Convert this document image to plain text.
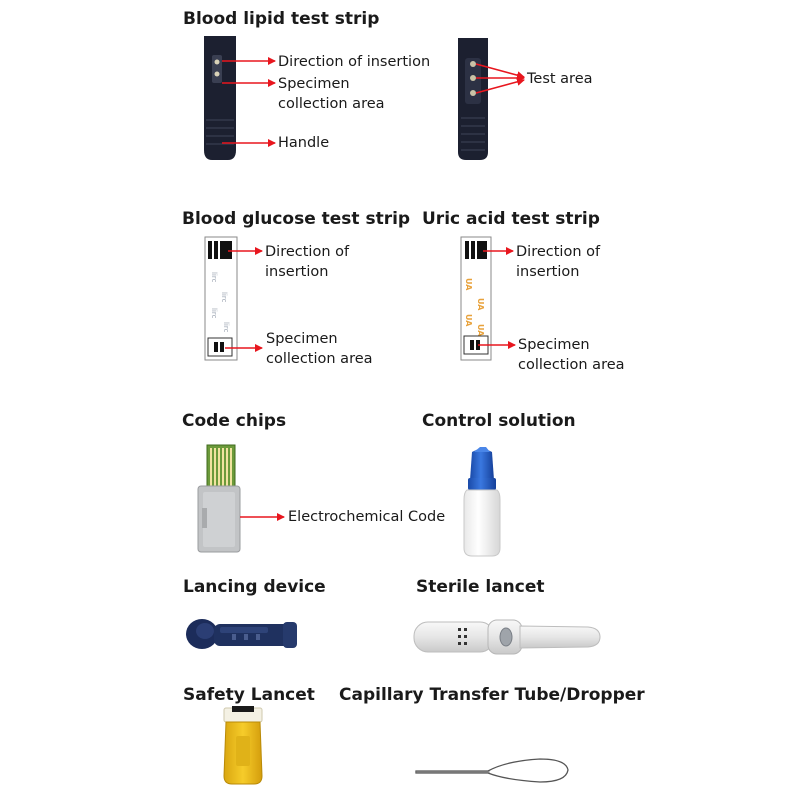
Blood lipid test strip
Blood glucose test strip Uric acid test strip
Code chips	Control solution
Lancing device	Sterile lancet
Safety Lancet Capillary Transfer Tube/Dropper
Direction of insertion
Specimen
collection area
Handle
Test area
Direction of
insertion
Specimen
collection area
Direction of
insertion
Specimen
collection area
Electrochemical Code
lirc
lirc
lirc
lirc
UA
UA
UA
UA
